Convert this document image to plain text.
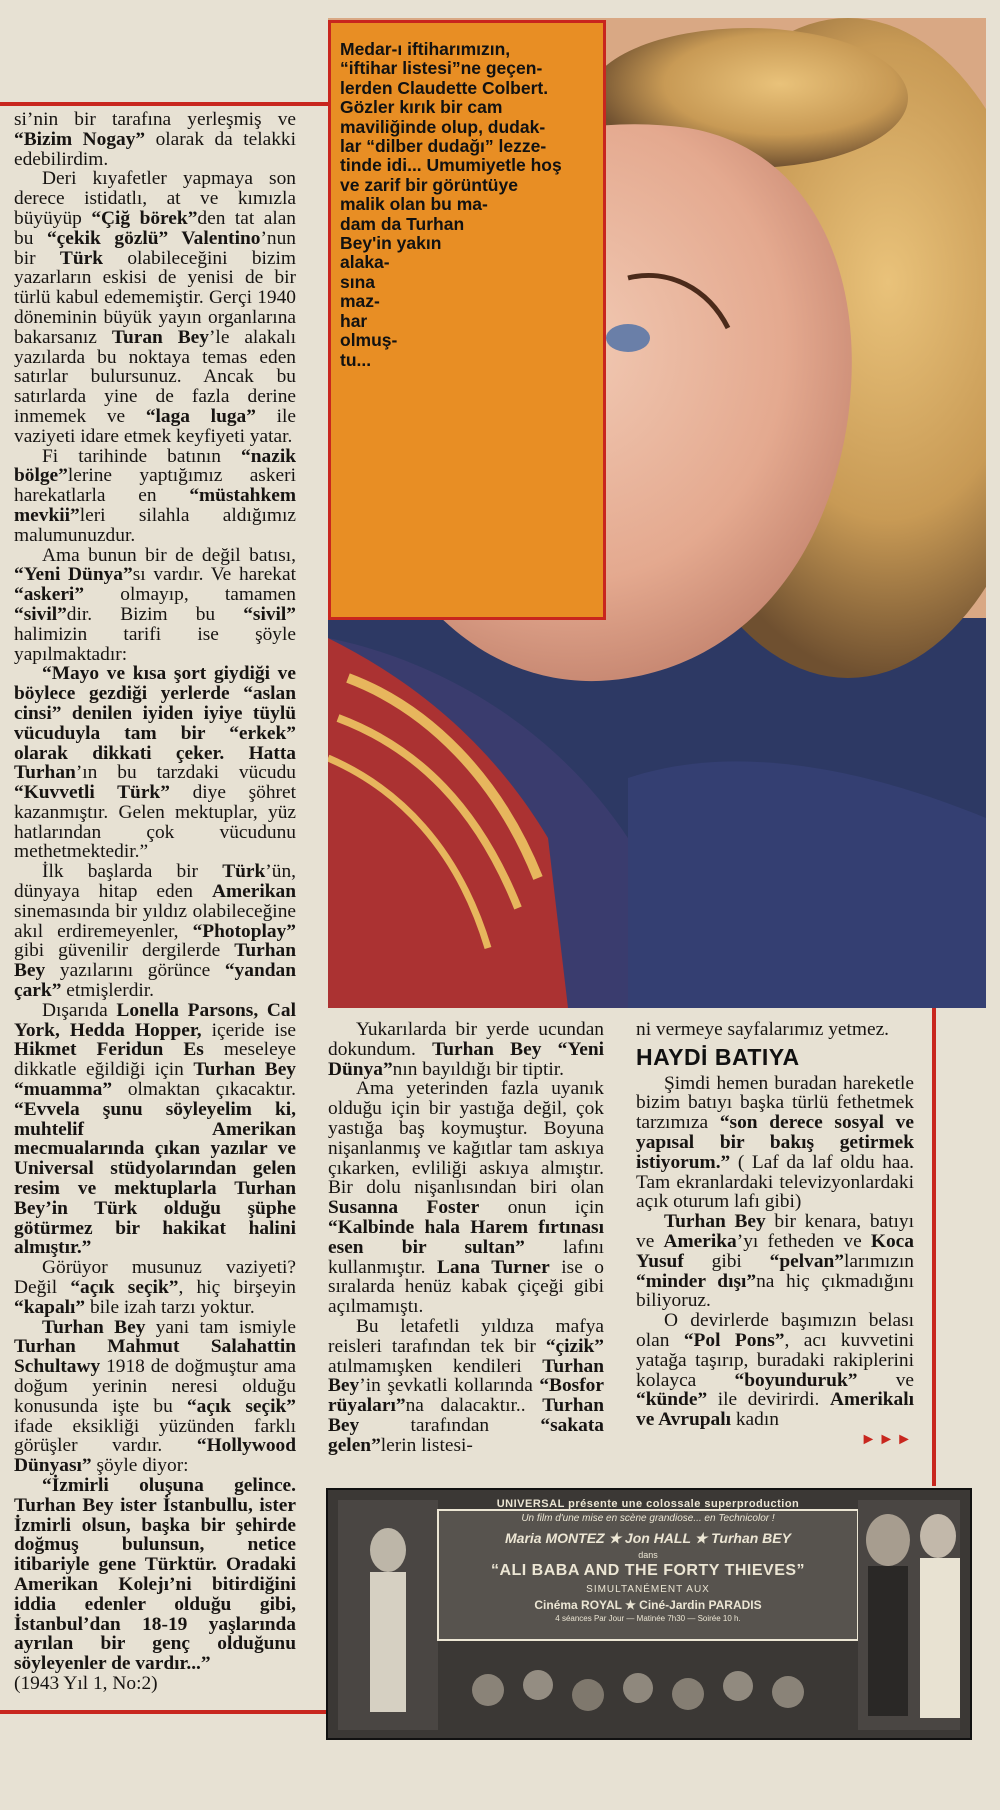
Medar-ı iftiharımızın,
“iftihar listesi”ne geçen-
lerden Claudette Colbert.
Gözler kırık bir cam
maviliğinde olup, dudak-
lar “dilber dudağı” lezze-
tinde idi... Umumiyetle hoş
ve zarif bir görüntüye
malik olan bu ma-
dam da Turhan
Bey'in yakın
alaka-
sına
maz-
har
olmuş-
tu...

si’nin bir tarafına yerleşmiş ve “Bizim Nogay” olarak da telakki edebilirdim.

Deri kıyafetler yapmaya son derece istidatlı, at ve kımızla büyüyüp “Çiğ börek”den tat alan bu “çekik gözlü” Valentino’nun bir Türk olabileceğini bizim yazarların eskisi de yenisi de bir türlü kabul edememiştir. Gerçi 1940 döneminin büyük yayın organlarına bakarsanız Turan Bey’le alakalı yazılarda bu noktaya temas eden satırlar bulursunuz. Ancak bu satırlarda yine de fazla derine inmemek ve “laga luga” ile vaziyeti idare etmek keyfiyeti yatar.

Fi tarihinde batının “nazik bölge”lerine yaptığımız askeri harekatlarla en “müstahkem mevkii”leri silahla aldığımız malumunuzdur.

Ama bunun bir de değil batısı, “Yeni Dünya”sı vardır. Ve harekat “askeri” olmayıp, tamamen “sivil”dir. Bizim bu “sivil” halimizin tarifi ise şöyle yapılmaktadır:

“Mayo ve kısa şort giydiği ve böylece gezdiği yerlerde “aslan cinsi” denilen iyiden iyiye tüylü vücuduyla tam bir “erkek” olarak dikkati çeker. Hatta Turhan’ın bu tarzdaki vücudu “Kuvvetli Türk” diye şöhret kazanmıştır. Gelen mektuplar, yüz hatlarından çok vücudunu methetmektedir.”

İlk başlarda bir Türk’ün, dünyaya hitap eden Amerikan sinemasında bir yıldız olabileceğine akıl erdiremeyenler, “Photoplay” gibi güvenilir dergilerde Turhan Bey yazılarını görünce “yandan çark” etmişlerdir.

Dışarıda Lonella Parsons, Cal York, Hedda Hopper, içeride ise Hikmet Feridun Es meseleye dikkatle eğildiği için Turhan Bey “muamma” olmaktan çıkacaktır. “Evvela şunu söyleyelim ki, muhtelif Amerikan mecmualarında çıkan yazılar ve Universal stüdyolarından gelen resim ve mektuplarla Turhan Bey’in Türk olduğu şüphe götürmez bir hakikat halini almıştır.”

Görüyor musunuz vaziyeti? Değil “açık seçik”, hiç birşeyin “kapalı” bile izah tarzı yoktur.

Turhan Bey yani tam ismiyle Turhan Mahmut Salahattin Schultawy 1918 de doğmuştur ama doğum yerinin neresi olduğu konusunda işte bu “açık seçik” ifade eksikliği yüzünden farklı görüşler vardır. “Hollywood Dünyası” şöyle diyor:

“İzmirli oluşuna gelince. Turhan Bey ister İstanbullu, ister İzmirli olsun, başka bir şehirde doğmuş bulunsun, netice itibariyle gene Türktür. Oradaki Amerikan Kolejı’ni bitirdiğini iddia edenler olduğu gibi, İstanbul’dan 18-19 yaşlarında ayrılan bir genç olduğunu söyleyenler de vardır...”

(1943 Yıl 1, No:2)

Yukarılarda bir yerde ucundan dokundum. Turhan Bey “Yeni Dünya”nın bayıldığı bir tiptir.

Ama yeterinden fazla uyanık olduğu için bir yastığa değil, çok yastığa baş koymuştur. Boyuna nişanlanmış ve kağıtlar tam askıya çıkarken, evliliği askıya almıştır. Bir dolu nişanlısından biri olan Susanna Foster onun için “Kalbinde hala Harem fırtınası esen bir sultan” lafını kullanmıştır. Lana Turner ise o sıralarda henüz kabak çiçeği gibi açılmamıştı.

Bu letafetli yıldıza mafya reisleri tarafından tek bir “çizik” atılmamışken kendileri Turhan Bey’in şevkatli kollarında “Bosfor rüyaları”na dalacaktır.. Turhan Bey tarafından “sakata gelen”lerin listesi-

ni vermeye sayfalarımız yetmez.

HAYDİ BATIYA

Şimdi hemen buradan hareketle bizim batıyı başka türlü fethetmek tarzımıza “son derece sosyal ve yapısal bir bakış getirmek istiyorum.” ( Laf da laf oldu haa. Tam ekranlardaki televizyonlardaki açık oturum lafı gibi)

Turhan Bey bir kenara, batıyı ve Amerika’yı fetheden ve Koca Yusuf gibi “pelvan”larımızın “minder dışı”na hiç çıkmadığını biliyoruz.

O devirlerde başımızın belası olan “Pol Pons”, acı kuvvetini yatağa taşırıp, buradaki rakiplerini kolayca “boyunduruk” ve “künde” ile devirirdi. Amerikalı ve Avrupalı kadın

►►►
UNIVERSAL présente une colossale superproduction
Un film d'une mise en scène grandiose... en Technicolor !
Maria MONTEZ ★ Jon HALL ★ Turhan BEY
dans
“ALI BABA AND THE FORTY THIEVES”
SIMULTANÉMENT AUX
Cinéma ROYAL ★ Ciné-Jardin PARADIS
4 séances Par Jour — Matinée 7h30 — Soirée 10 h.
